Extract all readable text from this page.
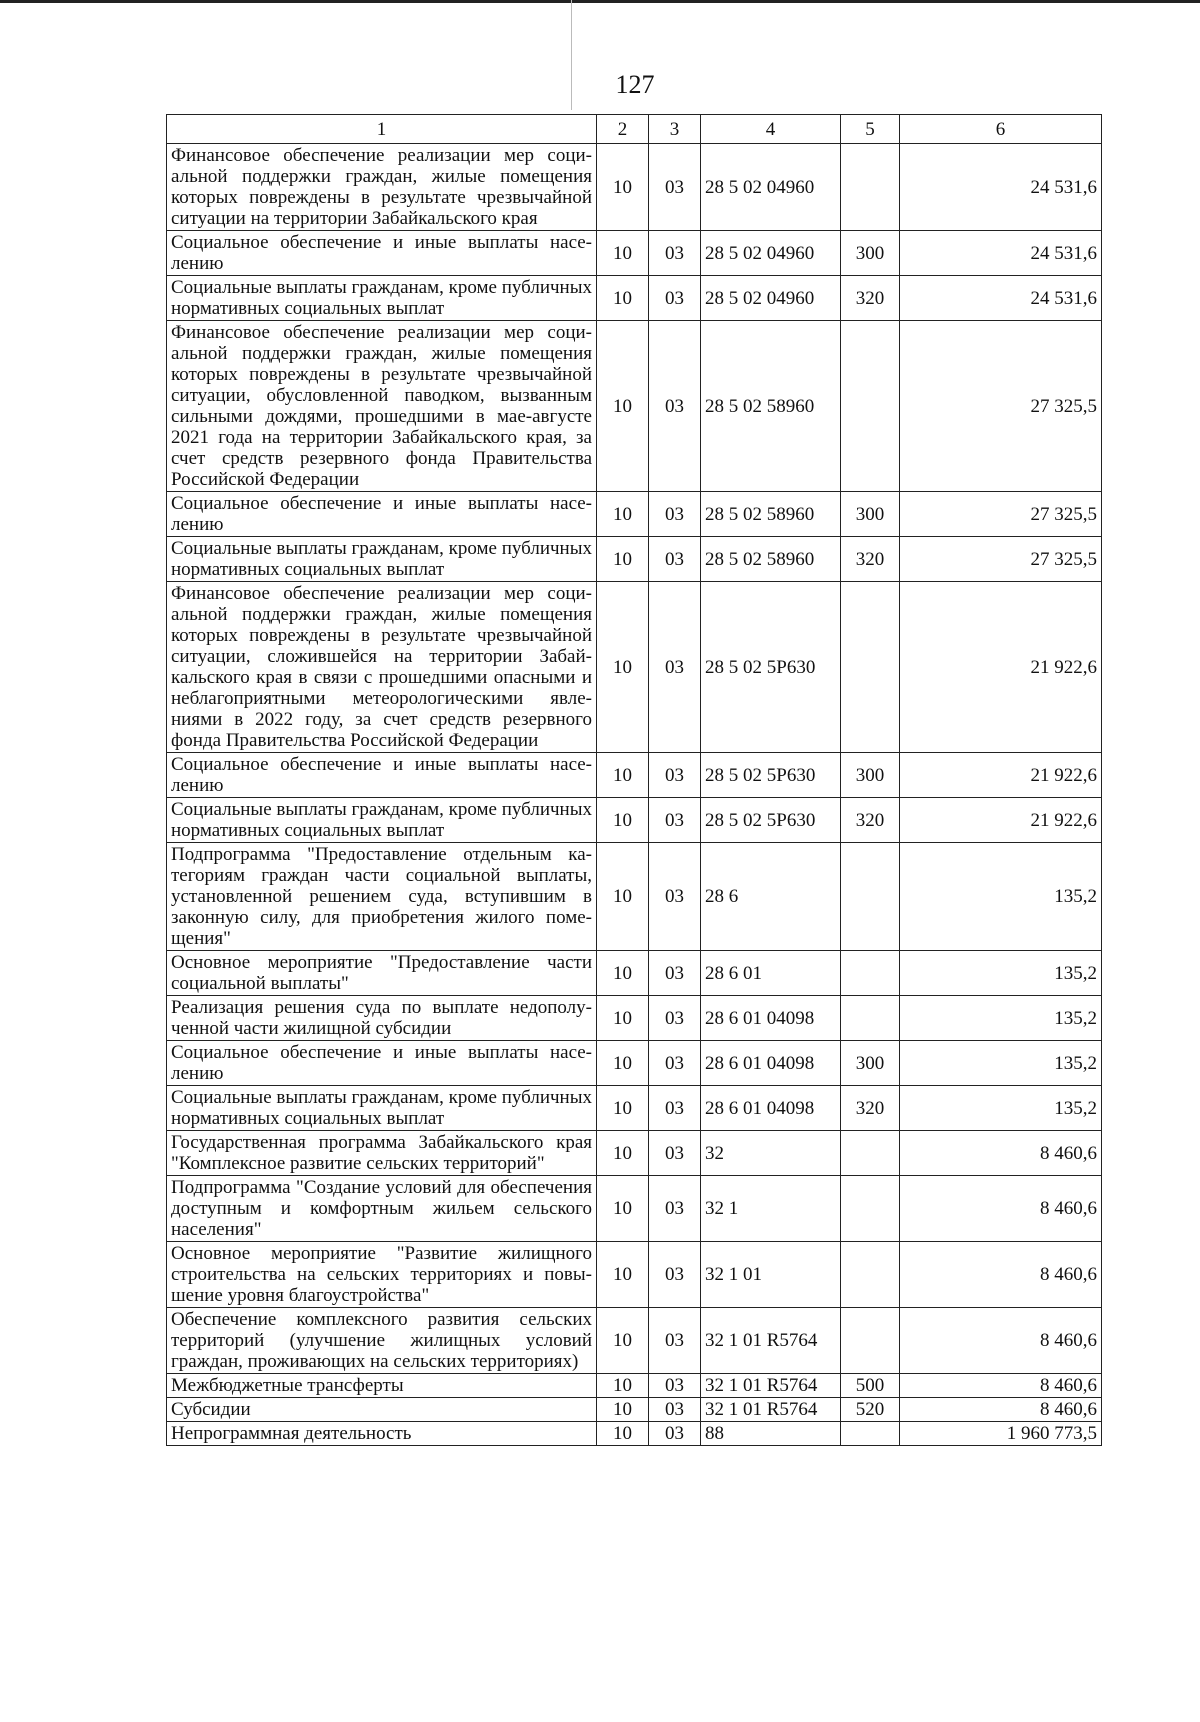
127
1	2	3	4	5	6
Финансовое обеспечение реализации мер социальной поддержки граждан, жилые помещения которых повреждены в результате чрезвычайной ситуации на территории Забайкальского края	10	03	28 5 02 04960		24 531,6
Социальное обеспечение и иные выплаты населению	10	03	28 5 02 04960	300	24 531,6
Социальные выплаты гражданам, кроме публичных нормативных социальных выплат	10	03	28 5 02 04960	320	24 531,6
Финансовое обеспечение реализации мер социальной поддержки граждан, жилые помещения которых повреждены в результате чрезвычайной ситуации, обусловленной паводком, вызванным сильными дождями, прошедшими в мае-августе 2021 года на территории Забайкальского края, за счет средств резервного фонда Правительства Российской Федерации	10	03	28 5 02 58960		27 325,5
Социальное обеспечение и иные выплаты населению	10	03	28 5 02 58960	300	27 325,5
Социальные выплаты гражданам, кроме публичных нормативных социальных выплат	10	03	28 5 02 58960	320	27 325,5
Финансовое обеспечение реализации мер социальной поддержки граждан, жилые помещения которых повреждены в результате чрезвычайной ситуации, сложившейся на территории Забайкальского края в связи с прошедшими опасными и неблагоприятными метеорологическими явлениями в 2022 году, за счет средств резервного фонда Правительства Российской Федерации	10	03	28 5 02 5Р630		21 922,6
Социальное обеспечение и иные выплаты населению	10	03	28 5 02 5Р630	300	21 922,6
Социальные выплаты гражданам, кроме публичных нормативных социальных выплат	10	03	28 5 02 5Р630	320	21 922,6
Подпрограмма "Предоставление отдельным категориям граждан части социальной выплаты, установленной решением суда, вступившим в законную силу, для приобретения жилого помещения"	10	03	28 6		135,2
Основное мероприятие "Предоставление части социальной выплаты"	10	03	28 6 01		135,2
Реализация решения суда по выплате недополученной части жилищной субсидии	10	03	28 6 01 04098		135,2
Социальное обеспечение и иные выплаты населению	10	03	28 6 01 04098	300	135,2
Социальные выплаты гражданам, кроме публичных нормативных социальных выплат	10	03	28 6 01 04098	320	135,2
Государственная программа Забайкальского края "Комплексное развитие сельских территорий"	10	03	32		8 460,6
Подпрограмма "Создание условий для обеспечения доступным и комфортным жильем сельского населения"	10	03	32 1		8 460,6
Основное мероприятие "Развитие жилищного строительства на сельских территориях и повышение уровня благоустройства"	10	03	32 1 01		8 460,6
Обеспечение комплексного развития сельских территорий (улучшение жилищных условий граждан, проживающих на сельских территориях)	10	03	32 1 01 R5764		8 460,6
Межбюджетные трансферты	10	03	32 1 01 R5764	500	8 460,6
Субсидии	10	03	32 1 01 R5764	520	8 460,6
Непрограммная деятельность	10	03	88		1 960 773,5
